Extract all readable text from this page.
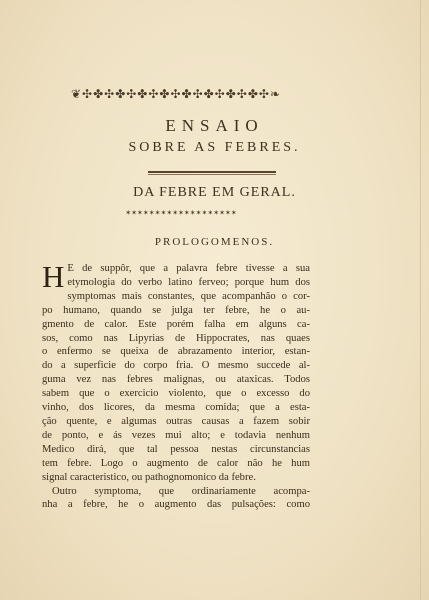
❦✣✤✣✤✣✤✣✤✣✤✣✤✣✤✣✤✣❧
ENSAIO
SOBRE AS FEBRES.
DA FEBRE EM GERAL.
✶✶✶✶✶✶✶✶✶✶✶✶✶✶✶✶✶✶✶
PROLOGOMENOS.
H E de suppôr, que a palavra febre tivesse a sua
etymologia do verbo latino ferveo; porque hum dos
symptomas mais constantes, que acompanhão o cor-
po humano, quando se julga ter febre, he o au-
gmento de calor. Este porém falha em alguns ca-
sos, como nas Lipyrias de Hippocrates, nas quaes
o enfermo se queixa de abrazamento interior, estan-
do a superficie do corpo fria. O mesmo succede al-
guma vez nas febres malignas, ou ataxicas. Todos
sabem que o exercicio violento, que o excesso do
vinho, dos licores, da mesma comida; que a esta-
ção quente, e algumas outras causas a fazem sobir
de ponto, e ás vezes mui alto; e todavia nenhum
Medico dirá, que tal pessoa nestas circunstancias
tem febre. Logo o augmento de calor não he hum
signal caracteristico, ou pathognomonico da febre.
Outro symptoma, que ordinariamente acompa-
nha a febre, he o augmento das pulsações: como
